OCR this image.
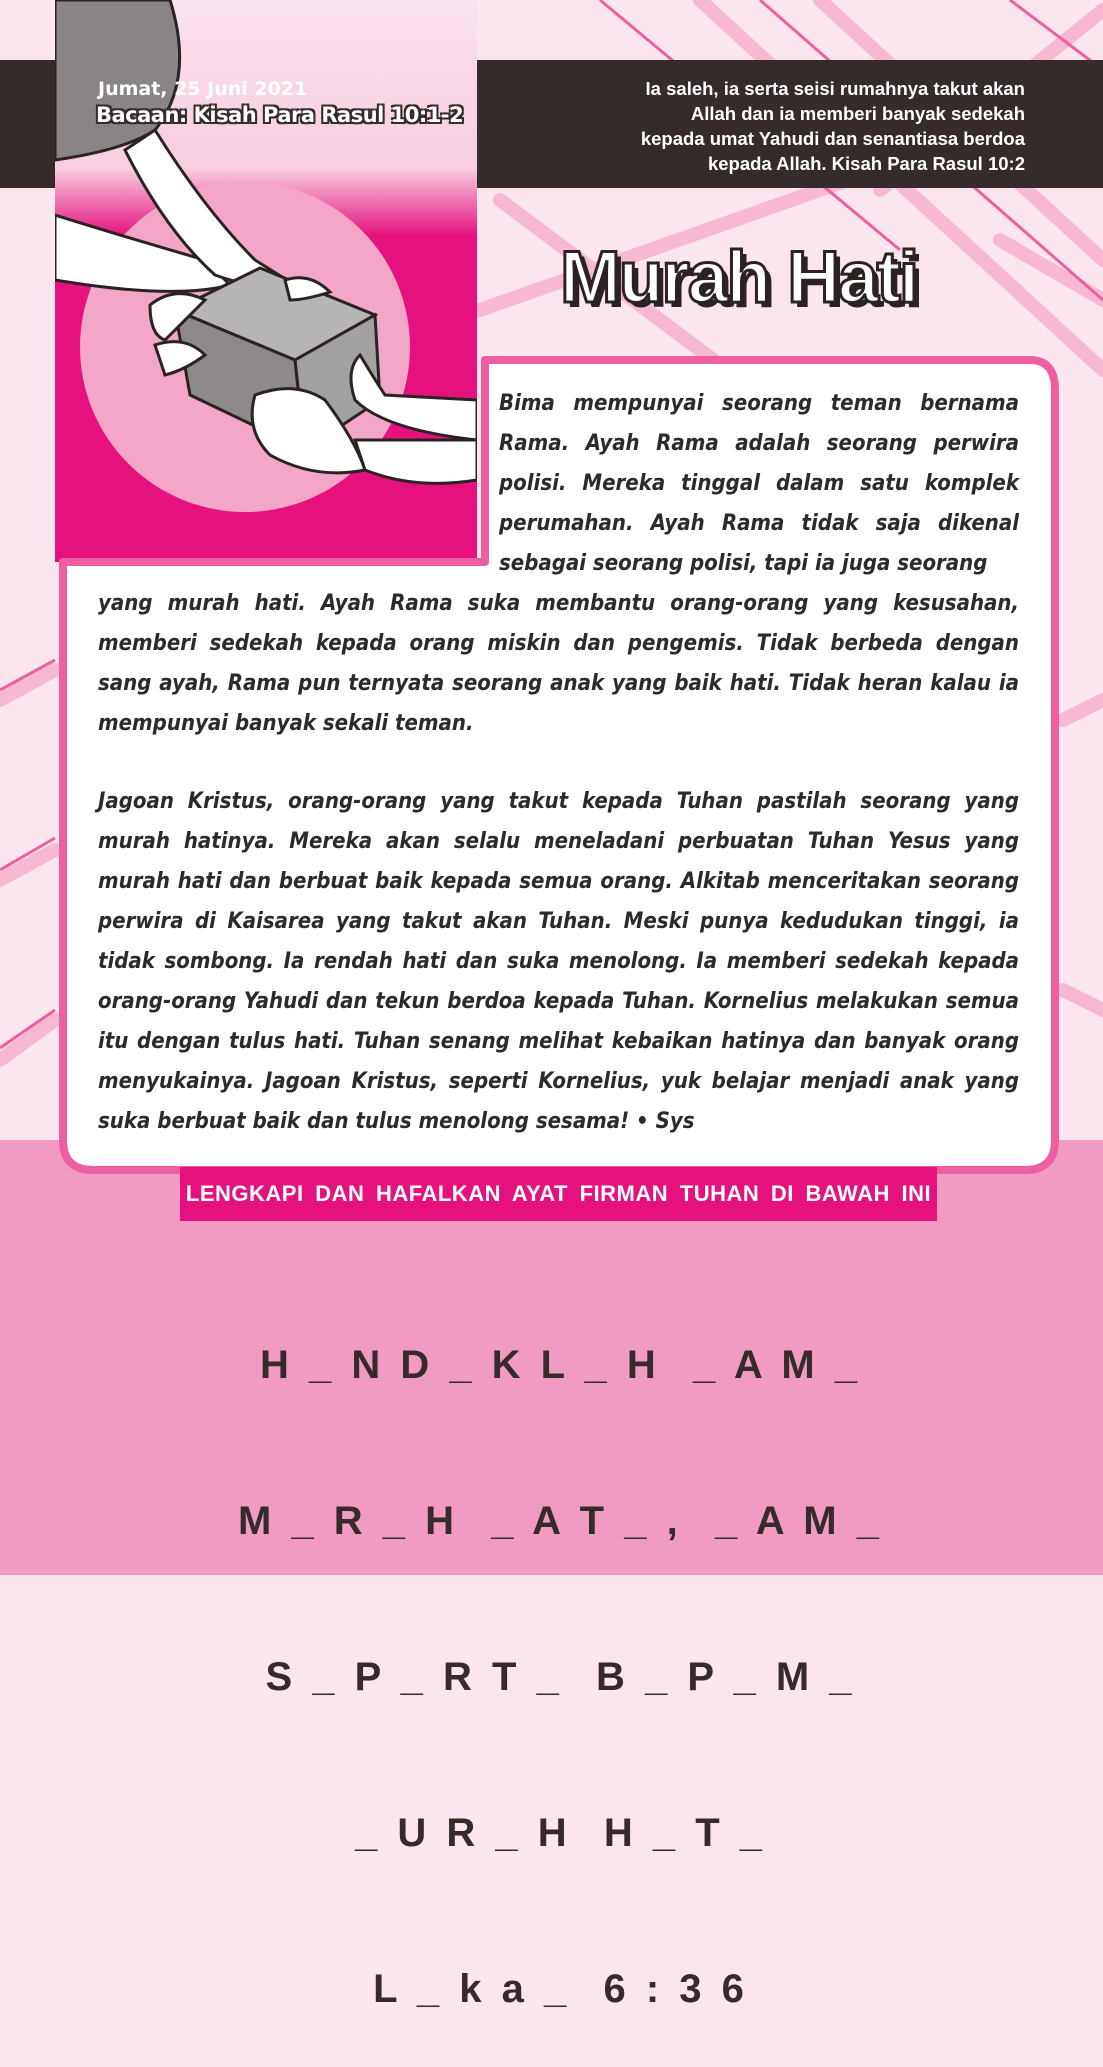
Jumat, 25 Juni 2021
Bacaan: Kisah Para Rasul 10:1-2
Ia saleh, ia serta seisi rumahnya takut akan
Allah dan ia memberi banyak sedekah
kepada umat Yahudi dan senantiasa berdoa
kepada Allah. Kisah Para Rasul 10:2
Murah Hati

Bima mempunyai seorang teman bernama Rama. Ayah Rama adalah seorang perwira polisi. Mereka tinggal dalam satu komplek perumahan. Ayah Rama tidak saja dikenal sebagai seorang polisi, tapi ia juga seorang

yang murah hati. Ayah Rama suka membantu orang-orang yang kesusahan, memberi sedekah kepada orang miskin dan pengemis. Tidak berbeda dengan sang ayah, Rama pun ternyata seorang anak yang baik hati. Tidak heran kalau ia mempunyai banyak sekali teman.

Jagoan Kristus, orang-orang yang takut kepada Tuhan pastilah seorang yang murah hatinya. Mereka akan selalu meneladani perbuatan Tuhan Yesus yang murah hati dan berbuat baik kepada semua orang. Alkitab menceritakan seorang perwira di Kaisarea yang takut akan Tuhan. Meski punya kedudukan tinggi, ia tidak sombong. Ia rendah hati dan suka menolong. Ia memberi sedekah kepada orang-orang Yahudi dan tekun berdoa kepada Tuhan. Kornelius melakukan semua itu dengan tulus hati. Tuhan senang melihat kebaikan hatinya dan banyak orang menyukainya. Jagoan Kristus, seperti Kornelius, yuk belajar menjadi anak yang suka berbuat baik dan tulus menolong sesama! • Sys

LENGKAPI DAN HAFALKAN AYAT FIRMAN TUHAN DI BAWAH INI

H _ N D _ K L _ H  _ A M _

M _ R _ H  _ A T _ ,  _ A M _

S _ P _ R T _  B _ P _ M _

_ U R _ H  H _ T _

L _ k a _  6 : 3 6
